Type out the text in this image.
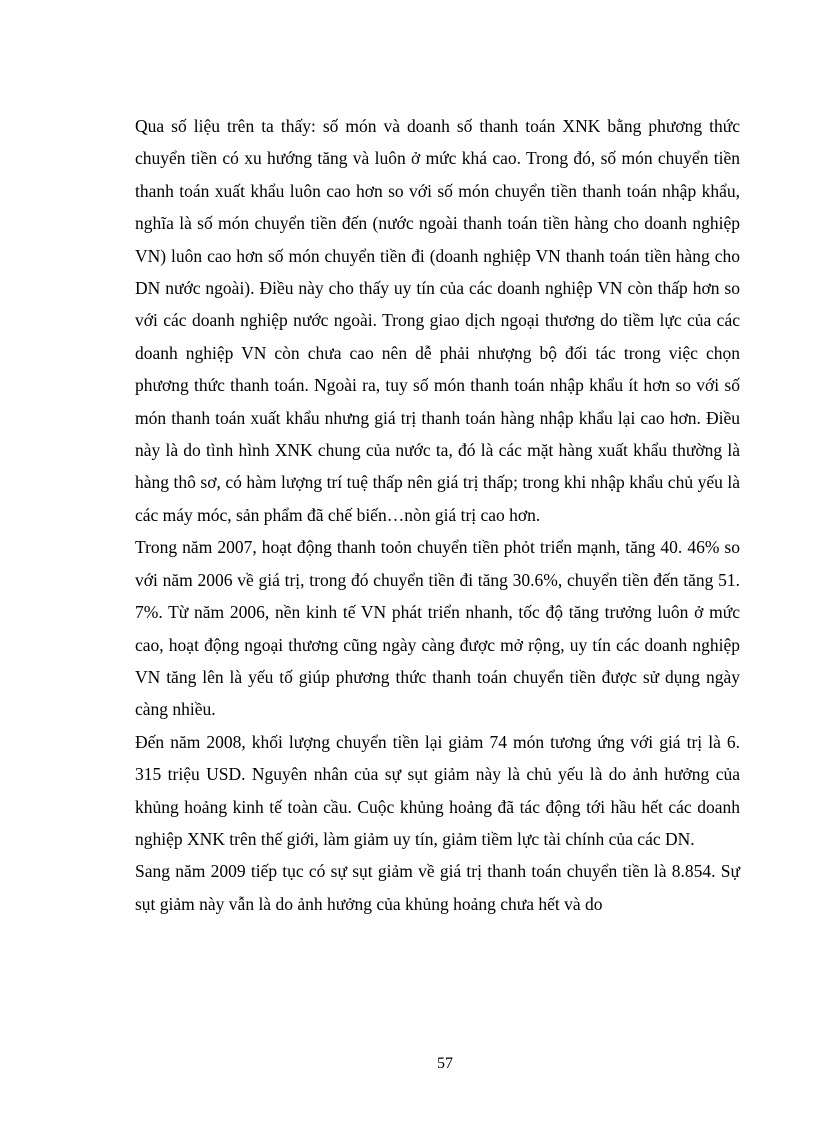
Qua số liệu trên ta thấy: số món và doanh số thanh toán XNK bằng phương thức chuyển tiền có xu hướng tăng và luôn ở mức khá cao. Trong đó, số món chuyển tiền thanh toán xuất khẩu luôn cao hơn so với số món chuyển tiền thanh toán nhập khẩu, nghĩa là số món chuyển tiền đến (nước ngoài thanh toán tiền hàng cho doanh nghiệp VN) luôn cao hơn số món chuyển tiền đi (doanh nghiệp VN thanh toán tiền hàng cho DN nước ngoài). Điều này cho thấy uy tín của các doanh nghiệp VN còn thấp hơn so với các doanh nghiệp nước ngoài. Trong giao dịch ngoại thương do tiềm lực của các doanh nghiệp VN còn chưa cao nên dễ phải nhượng bộ đối tác trong việc chọn phương thức thanh toán. Ngoài ra, tuy số món thanh toán nhập khẩu ít hơn so với số món thanh toán xuất khẩu nhưng giá trị thanh toán hàng nhập khẩu lại cao hơn. Điều này là do tình hình XNK chung của nước ta, đó là các mặt hàng xuất khẩu thường là hàng thô sơ, có hàm lượng trí tuệ thấp nên giá trị thấp; trong khi nhập khẩu chủ yếu là các máy móc, sản phẩm đã chế biến…nòn giá trị cao hơn.

Trong năm 2007, hoạt động thanh toỏn chuyển tiền phỏt triển mạnh, tăng 40. 46% so với năm 2006 về giá trị, trong đó chuyển tiền đi tăng 30.6%, chuyển tiền đến tăng 51. 7%. Từ năm 2006, nền kinh tế VN phát triển nhanh, tốc độ tăng trưởng luôn ở mức cao, hoạt động ngoại thương cũng ngày càng được mở rộng, uy tín các doanh nghiệp VN tăng lên là yếu tố giúp phương thức thanh toán chuyển tiền được sử dụng ngày càng nhiều.

Đến năm 2008, khối lượng chuyển tiền lại giảm 74 món tương ứng với giá trị là 6. 315 triệu USD. Nguyên nhân của sự sụt giảm này là chủ yếu là do ảnh hưởng của khủng hoảng kinh tế toàn cầu. Cuộc khủng hoảng đã tác động tới hầu hết các doanh nghiệp XNK trên thế giới, làm giảm uy tín, giảm tiềm lực tài chính của các DN.

Sang năm 2009 tiếp tục có sự sụt giảm về giá trị thanh toán chuyển tiền là 8.854. Sự sụt giảm này vẫn là do ảnh hưởng của khủng hoảng chưa hết và do

57
